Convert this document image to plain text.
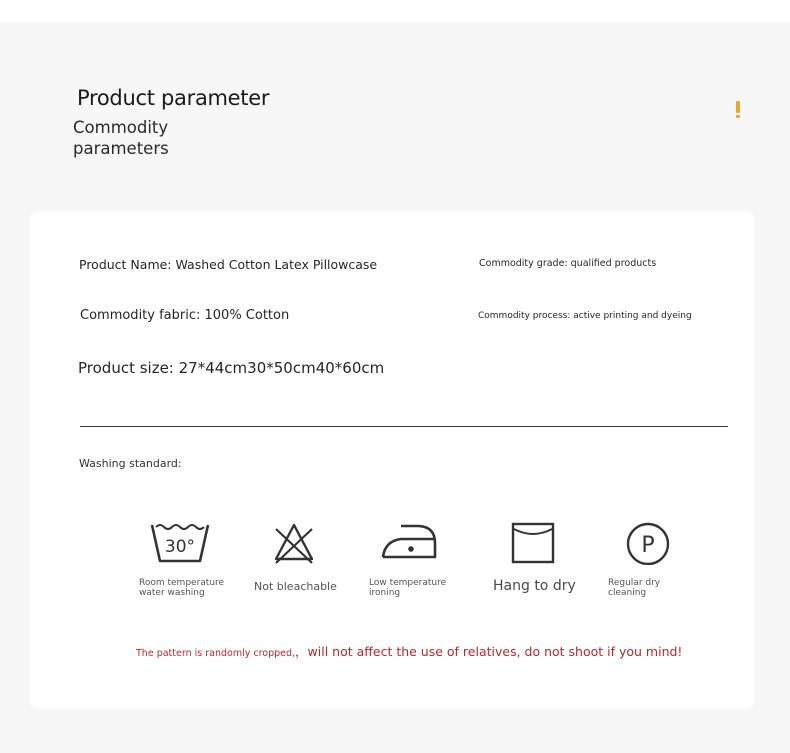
Product parameter
Commodity parameters
Product Name: Washed Cotton Latex Pillowcase	Commodity grade: qualified products
Commodity fabric: 100% Cotton	Commodity process: active printing and dyeing
Product size: 27*44cm30*50cm40*60cm
Washing standard:
30°
Room temperature
water washing	Not bleachable	Low temperature
ironing	Hang to dry
P
Regular dry
cleaning
The pattern is randomly cropped,，will not affect the use of relatives, do not shoot if you mind!
